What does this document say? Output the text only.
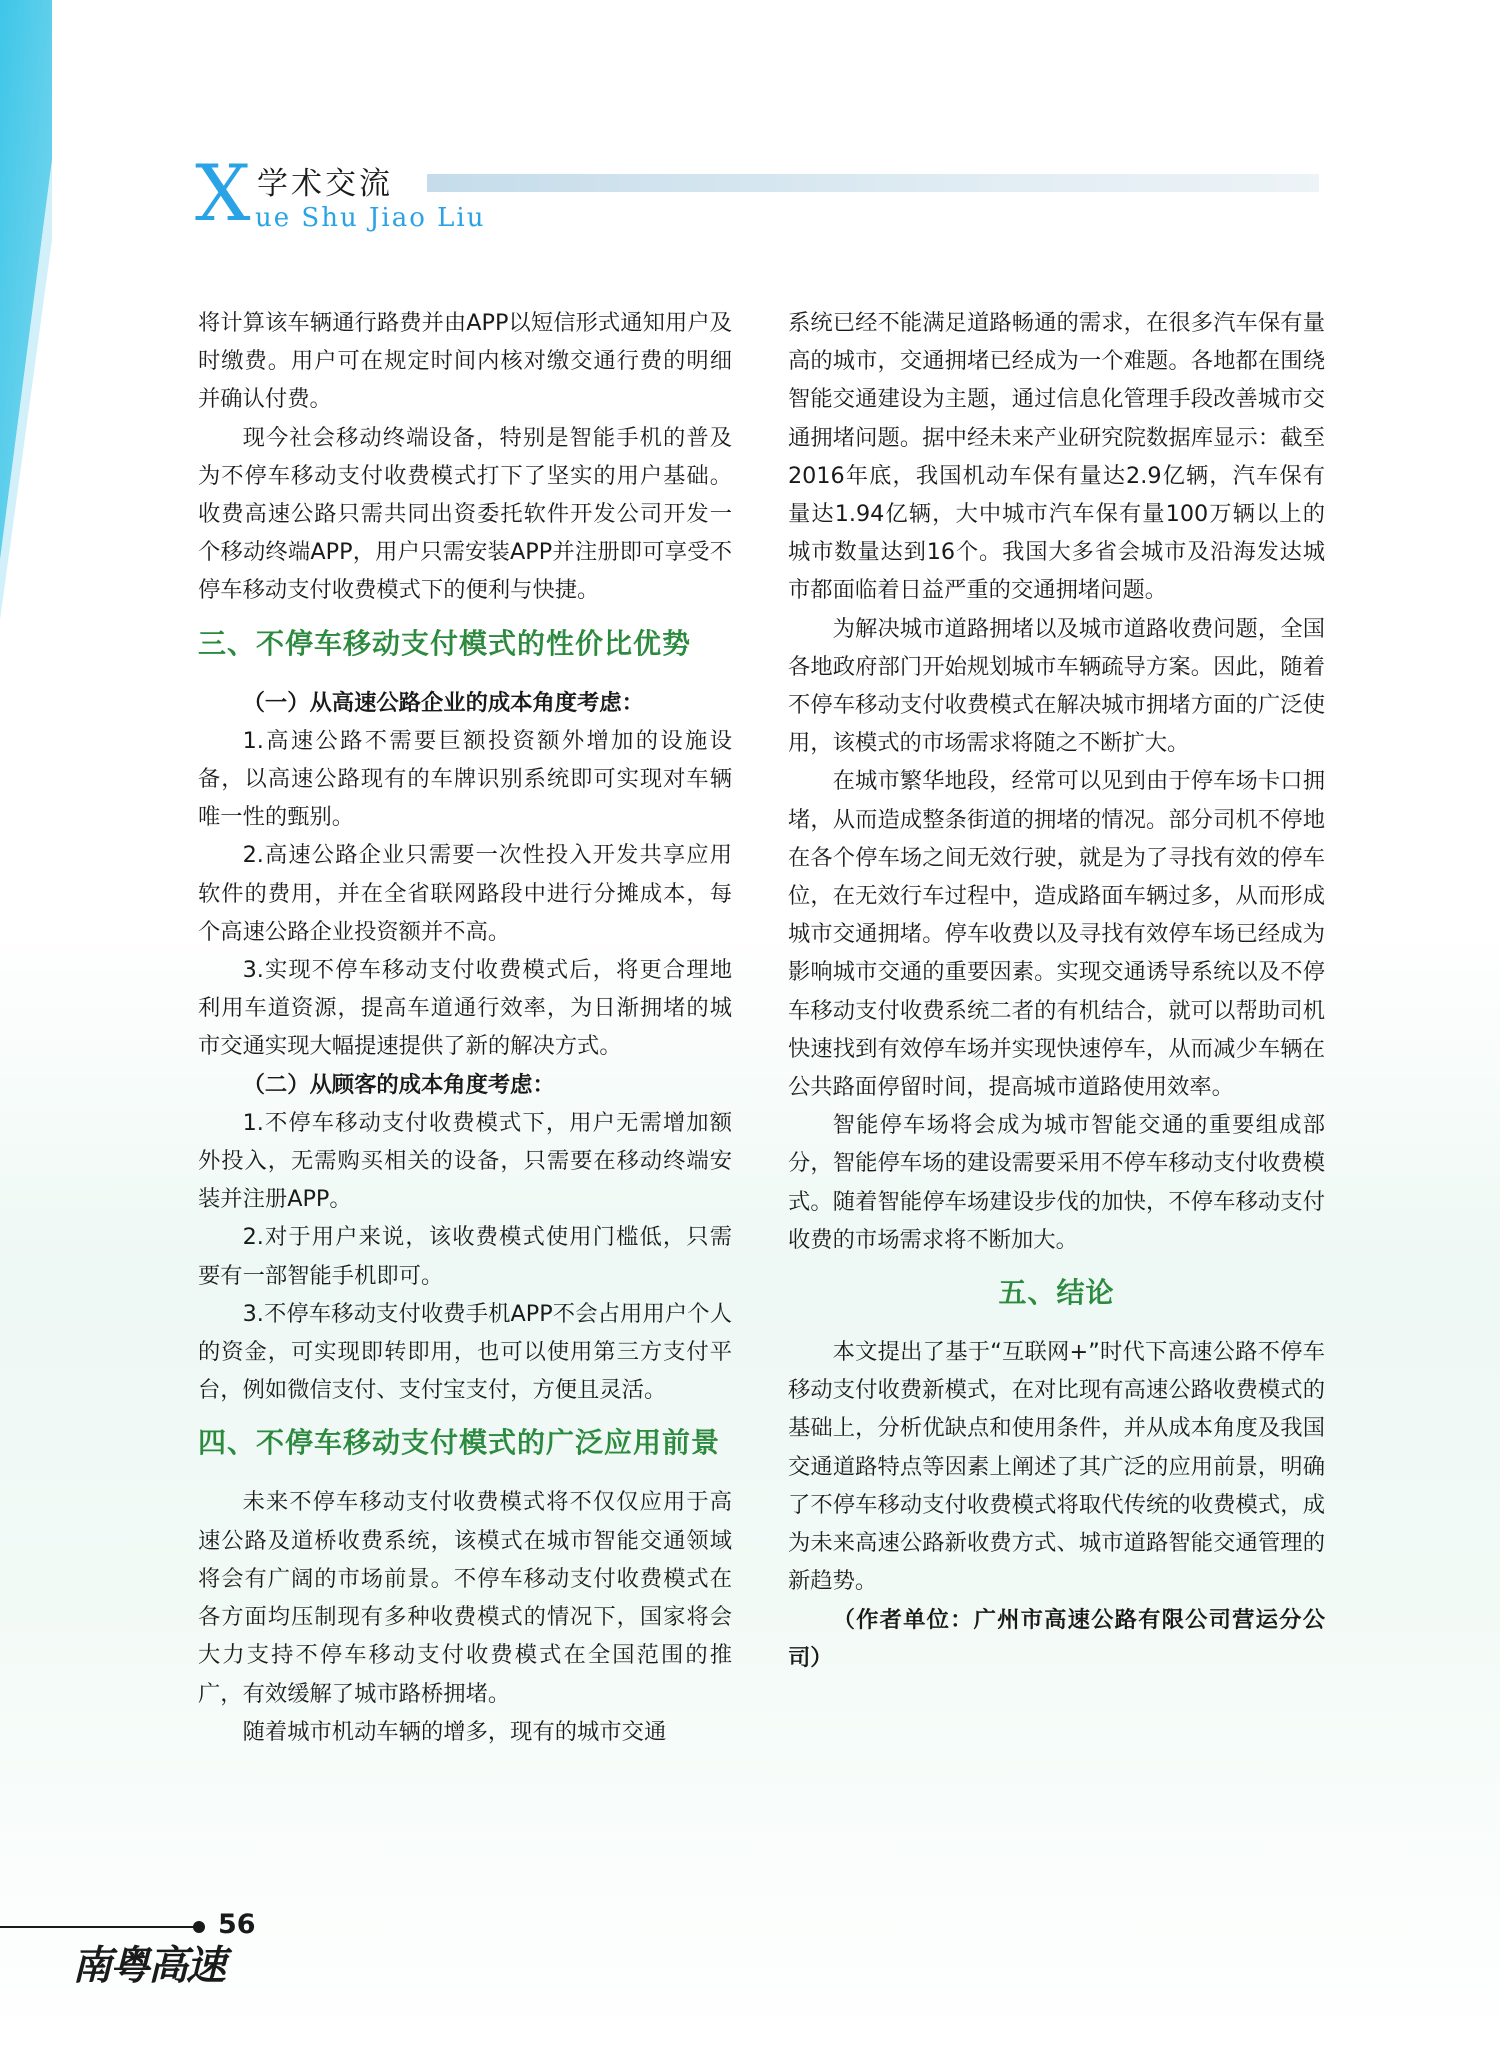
X 学术交流
ue Shu Jiao Liu

将计算该车辆通行路费并由APP以短信形式通知用户及时缴费。用户可在规定时间内核对缴交通行费的明细并确认付费。

现今社会移动终端设备，特别是智能手机的普及为不停车移动支付收费模式打下了坚实的用户基础。收费高速公路只需共同出资委托软件开发公司开发一个移动终端APP，用户只需安装APP并注册即可享受不停车移动支付收费模式下的便利与快捷。

三、不停车移动支付模式的性价比优势
（一）从高速公路企业的成本角度考虑：

1.高速公路不需要巨额投资额外增加的设施设备，以高速公路现有的车牌识别系统即可实现对车辆唯一性的甄别。

2.高速公路企业只需要一次性投入开发共享应用软件的费用，并在全省联网路段中进行分摊成本，每个高速公路企业投资额并不高。

3.实现不停车移动支付收费模式后，将更合理地利用车道资源，提高车道通行效率，为日渐拥堵的城市交通实现大幅提速提供了新的解决方式。

（二）从顾客的成本角度考虑：

1.不停车移动支付收费模式下，用户无需增加额外投入，无需购买相关的设备，只需要在移动终端安装并注册APP。

2.对于用户来说，该收费模式使用门槛低，只需要有一部智能手机即可。

3.不停车移动支付收费手机APP不会占用用户个人的资金，可实现即转即用，也可以使用第三方支付平台，例如微信支付、支付宝支付，方便且灵活。

四、不停车移动支付模式的广泛应用前景

未来不停车移动支付收费模式将不仅仅应用于高速公路及道桥收费系统，该模式在城市智能交通领域将会有广阔的市场前景。不停车移动支付收费模式在各方面均压制现有多种收费模式的情况下，国家将会大力支持不停车移动支付收费模式在全国范围的推广，有效缓解了城市路桥拥堵。

随着城市机动车辆的增多，现有的城市交通

系统已经不能满足道路畅通的需求，在很多汽车保有量高的城市，交通拥堵已经成为一个难题。各地都在围绕智能交通建设为主题，通过信息化管理手段改善城市交通拥堵问题。据中经未来产业研究院数据库显示：截至2016年底，我国机动车保有量达2.9亿辆，汽车保有量达1.94亿辆，大中城市汽车保有量100万辆以上的城市数量达到16个。我国大多省会城市及沿海发达城市都面临着日益严重的交通拥堵问题。

为解决城市道路拥堵以及城市道路收费问题，全国各地政府部门开始规划城市车辆疏导方案。因此，随着不停车移动支付收费模式在解决城市拥堵方面的广泛使用，该模式的市场需求将随之不断扩大。

在城市繁华地段，经常可以见到由于停车场卡口拥堵，从而造成整条街道的拥堵的情况。部分司机不停地在各个停车场之间无效行驶，就是为了寻找有效的停车位，在无效行车过程中，造成路面车辆过多，从而形成城市交通拥堵。停车收费以及寻找有效停车场已经成为影响城市交通的重要因素。实现交通诱导系统以及不停车移动支付收费系统二者的有机结合，就可以帮助司机快速找到有效停车场并实现快速停车，从而减少车辆在公共路面停留时间，提高城市道路使用效率。

智能停车场将会成为城市智能交通的重要组成部分，智能停车场的建设需要采用不停车移动支付收费模式。随着智能停车场建设步伐的加快，不停车移动支付收费的市场需求将不断加大。

五、结论

本文提出了基于“互联网+”时代下高速公路不停车移动支付收费新模式，在对比现有高速公路收费模式的基础上，分析优缺点和使用条件，并从成本角度及我国交通道路特点等因素上阐述了其广泛的应用前景，明确了不停车移动支付收费模式将取代传统的收费模式，成为未来高速公路新收费方式、城市道路智能交通管理的新趋势。

（作者单位：广州市高速公路有限公司营运分公司）

56
南粤高速
